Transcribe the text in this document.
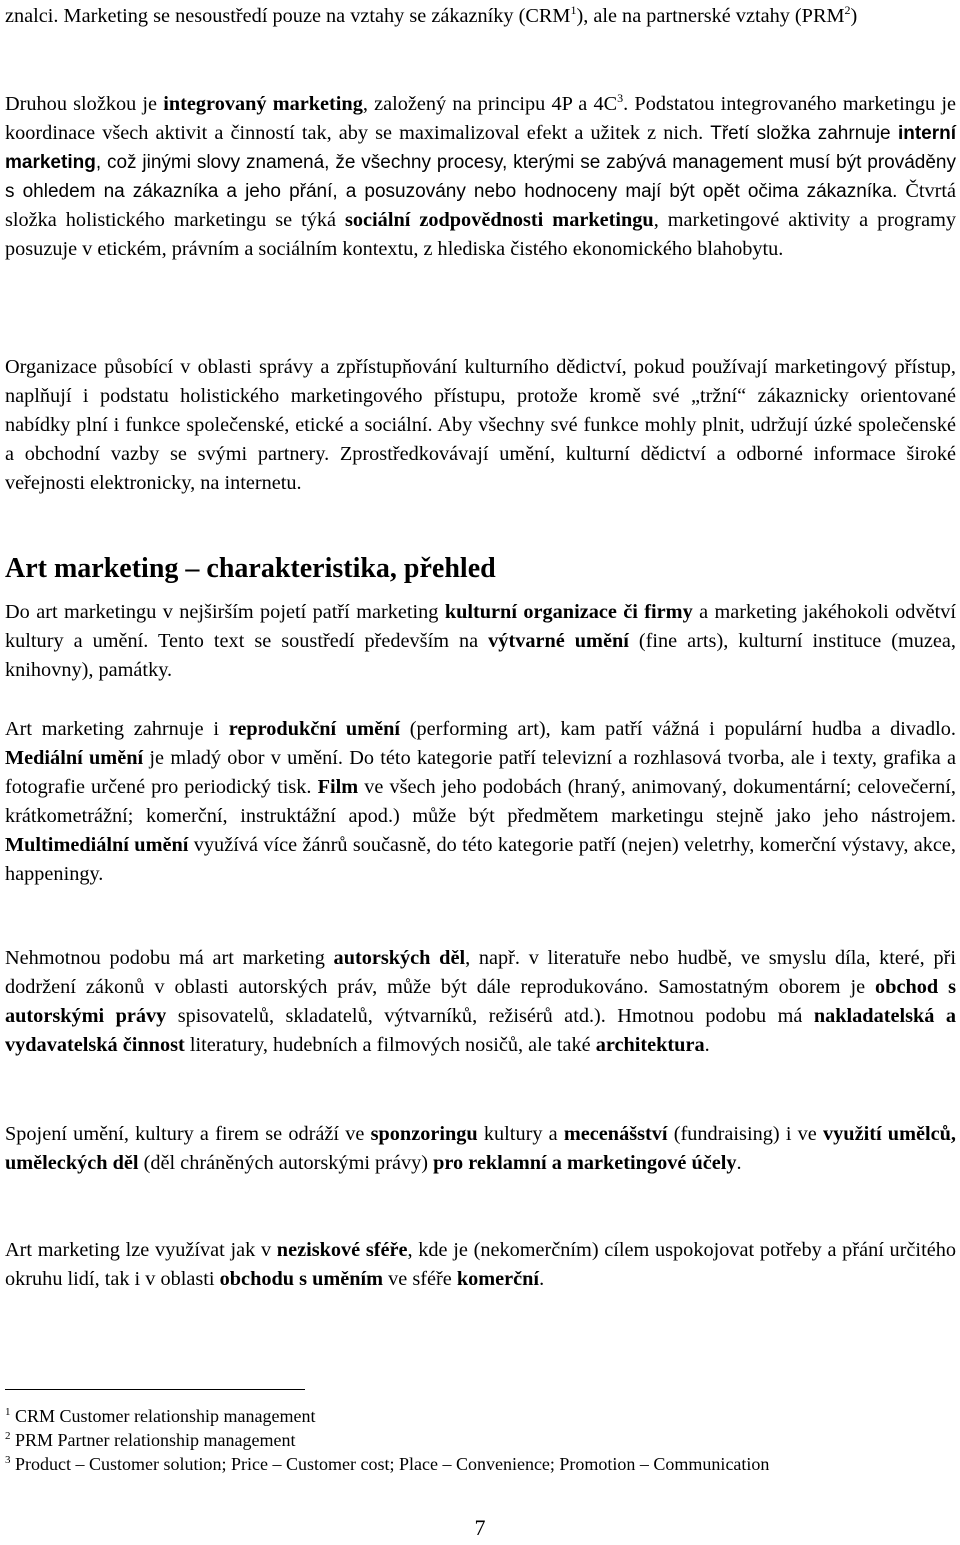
znalci. Marketing se nesoustředí pouze na vztahy se zákazníky (CRM$^1$), ale na partnerské vztahy (PRM$^2$)

Druhou složkou je integrovaný marketing, založený na principu 4P a $4C^3$. Podstatou integrovaného marketingu je koordinace všech aktivit a činností tak, aby se maximalizoval efekt a užitek z nich. Třetí složka zahrnuje interní marketing, což jinými slovy znamená, že všechny procesy, kterými se zabývá management musí být prováděny s ohledem na zákazníka a jeho přání, a posuzovány nebo hodnoceny mají být opět očima zákazníka. Čtvrtá složka holistického marketingu se týká sociální zodpovědnosti marketingu, marketingové aktivity a programy posuzuje v etickém, právním a sociálním kontextu, z hlediska čistého ekonomického blahobytu.

Organizace působící v oblasti správy a zpřístupňování kulturního dědictví, pokud používají marketingový přístup, naplňují i podstatu holistického marketingového přístupu, protože kromě své „tržní“ zákaznicky orientované nabídky plní i funkce společenské, etické a sociální. Aby všechny své funkce mohly plnit, udržují úzké společenské a obchodní vazby se svými partnery. Zprostředkovávají umění, kulturní dědictví a odborné informace široké veřejnosti elektronicky, na internetu.

Art marketing – charakteristika, přehled

Do art marketingu v nejširším pojetí patří marketing kulturní organizace či firmy a marketing jakéhokoli odvětví kultury a umění. Tento text se soustředí především na výtvarné umění (fine arts), kulturní instituce (muzea, knihovny), památky.

Art marketing zahrnuje i reprodukční umění (performing art), kam patří vážná i populární hudba a divadlo. Mediální umění je mladý obor v umění. Do této kategorie patří televizní a rozhlasová tvorba, ale i texty, grafika a fotografie určené pro periodický tisk. Film ve všech jeho podobách (hraný, animovaný, dokumentární; celovečerní, krátkometrážní; komerční, instruktážní apod.) může být předmětem marketingu stejně jako jeho nástrojem. Multimediální umění využívá více žánrů současně, do této kategorie patří (nejen) veletrhy, komerční výstavy, akce, happeningy.

Nehmotnou podobu má art marketing autorských děl, např. v literatuře nebo hudbě, ve smyslu díla, které, při dodržení zákonů v oblasti autorských práv, může být dále reprodukováno. Samostatným oborem je obchod s autorskými právy spisovatelů, skladatelů, výtvarníků, režisérů atd.). Hmotnou podobu má nakladatelská a vydavatelská činnost literatury, hudebních a filmových nosičů, ale také architektura.

Spojení umění, kultury a firem se odráží ve sponzoringu kultury a mecenášství (fundraising) i ve využití umělců, uměleckých děl (děl chráněných autorskými právy) pro reklamní a marketingové účely.

Art marketing lze využívat jak v neziskové sféře, kde je (nekomerčním) cílem uspokojovat potřeby a přání určitého okruhu lidí, tak i v oblasti obchodu s uměním ve sféře komerční.

$^1$ CRM Customer relationship management

$^2$ PRM Partner relationship management

$^3$ Product – Customer solution; Price – Customer cost; Place – Convenience; Promotion – Communication

7
